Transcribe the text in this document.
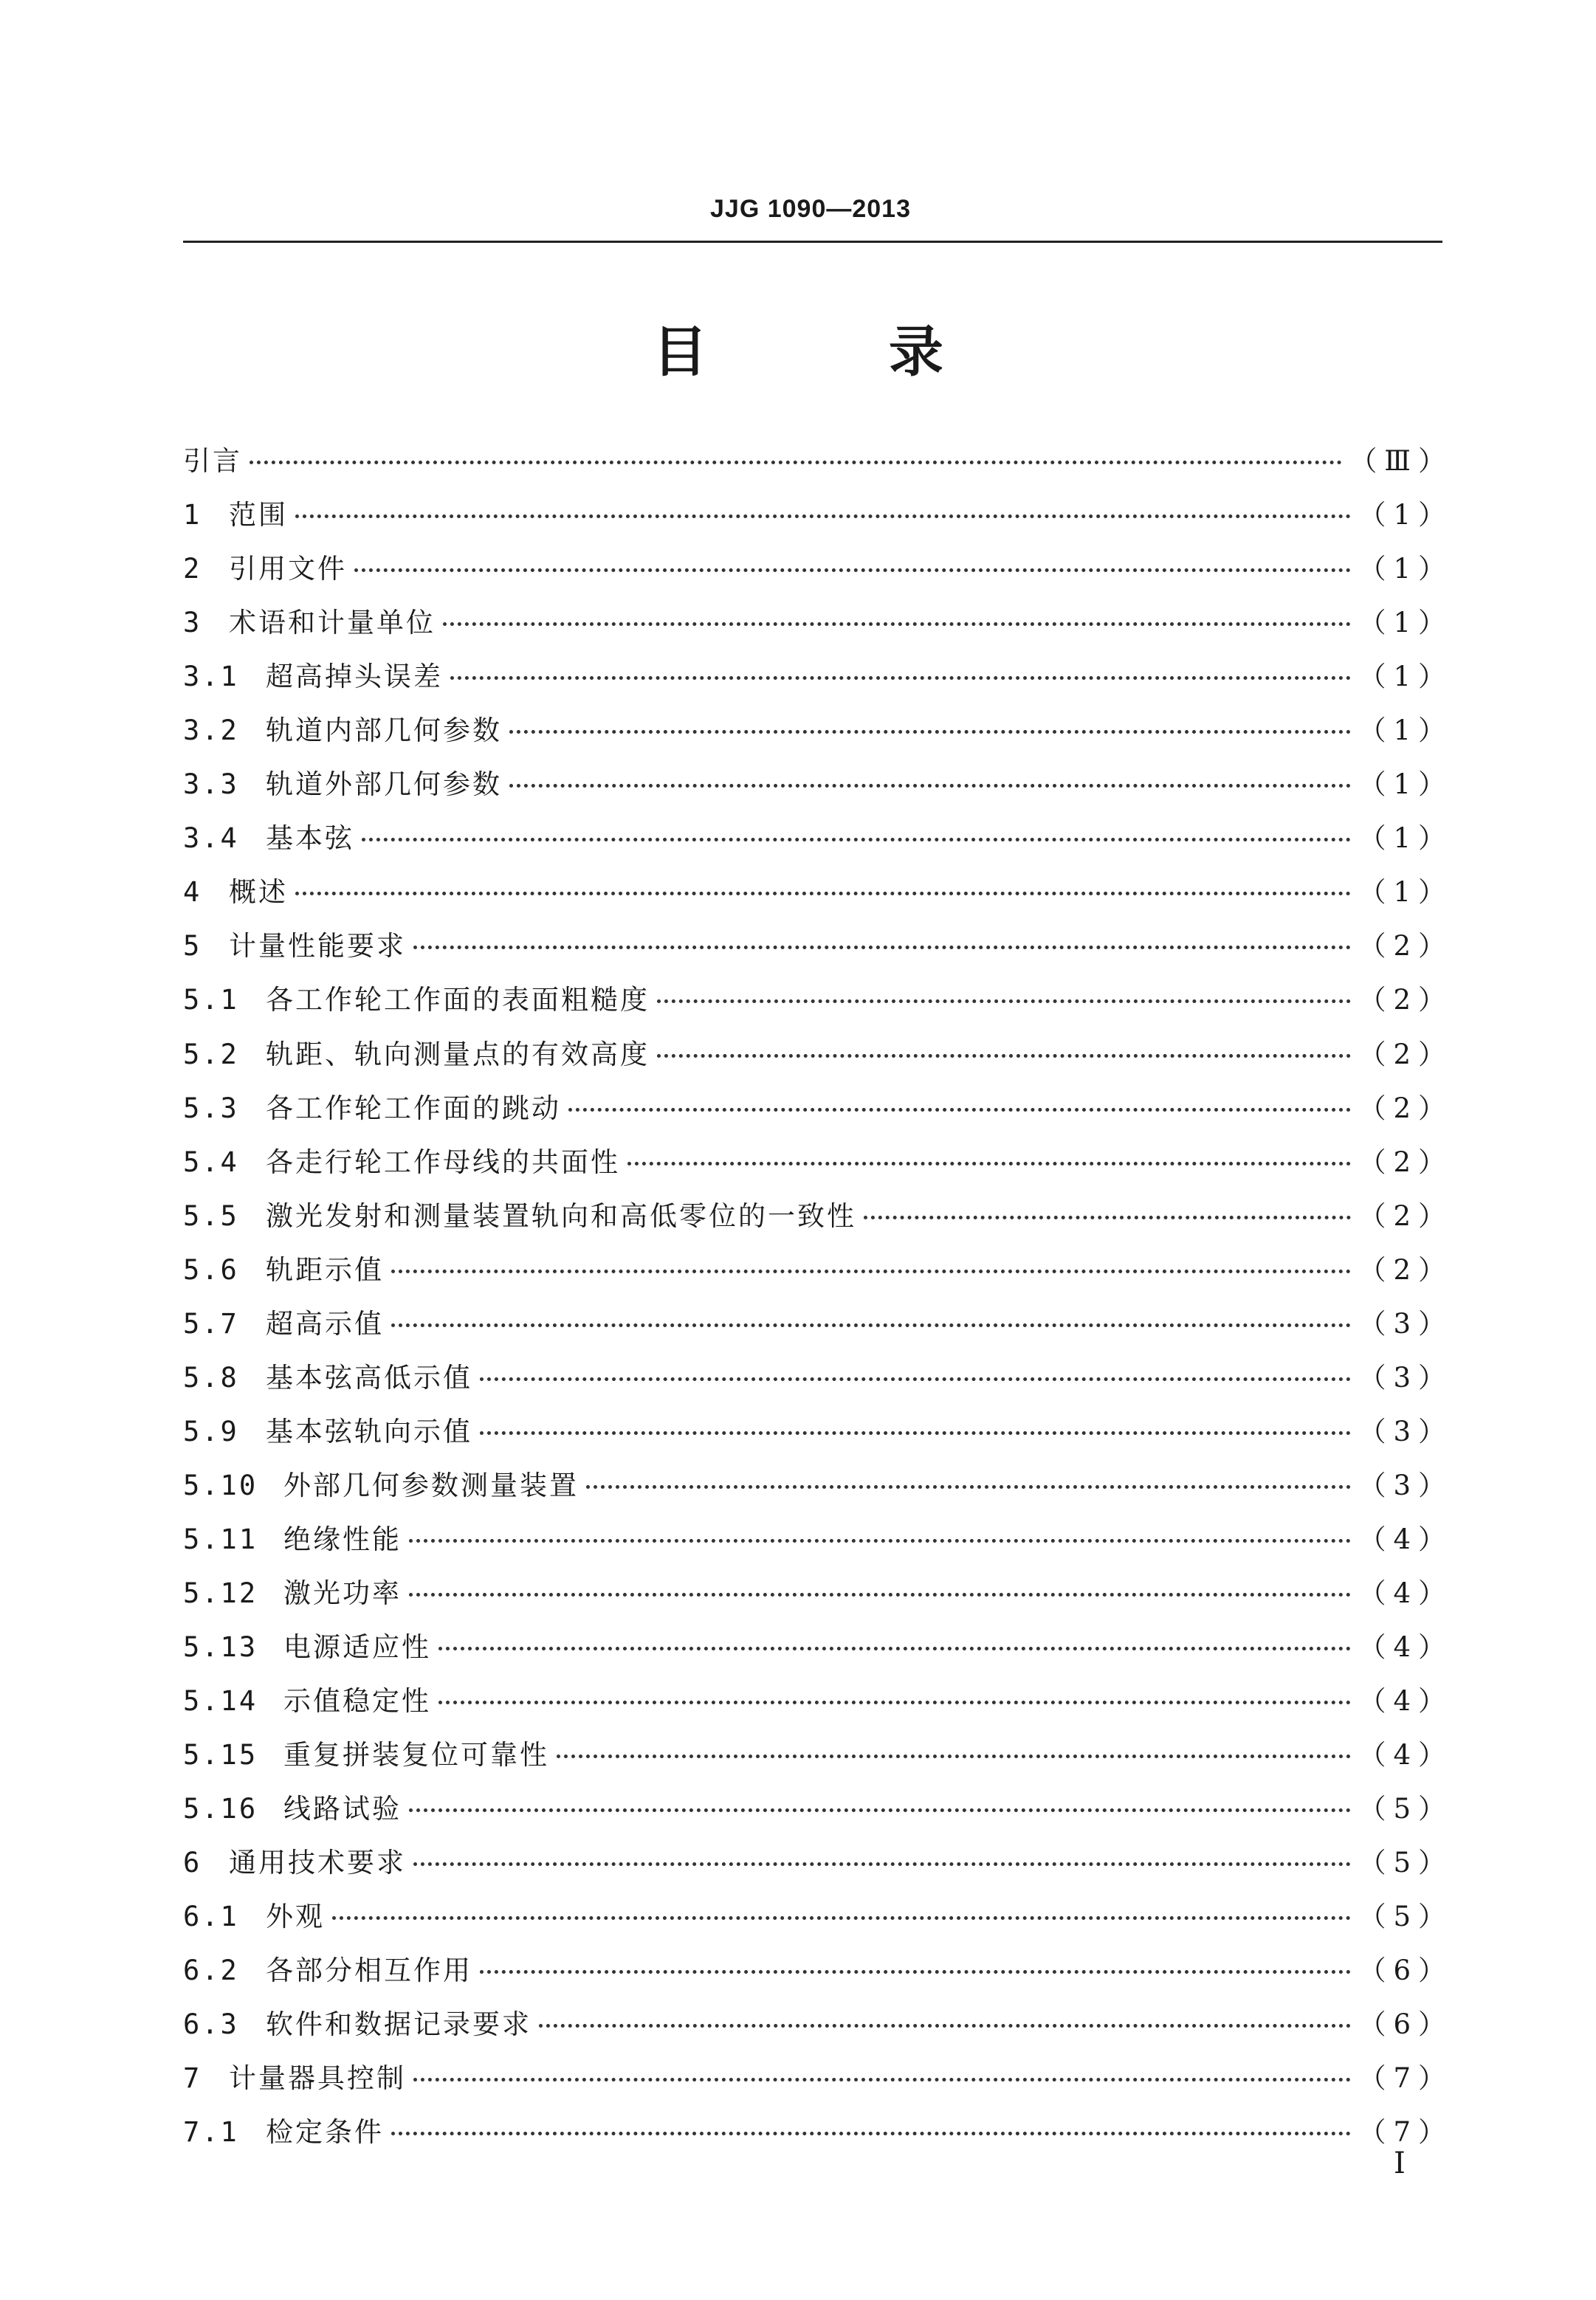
JJG 1090—2013
目 录
引言	（Ⅲ）
1 范围	（1）
2 引用文件	（1）
3 术语和计量单位	（1）
3.1 超高掉头误差	（1）
3.2 轨道内部几何参数	（1）
3.3 轨道外部几何参数	（1）
3.4 基本弦	（1）
4 概述	（1）
5 计量性能要求	（2）
5.1 各工作轮工作面的表面粗糙度	（2）
5.2 轨距、轨向测量点的有效高度	（2）
5.3 各工作轮工作面的跳动	（2）
5.4 各走行轮工作母线的共面性	（2）
5.5 激光发射和测量装置轨向和高低零位的一致性	（2）
5.6 轨距示值	（2）
5.7 超高示值	（3）
5.8 基本弦高低示值	（3）
5.9 基本弦轨向示值	（3）
5.10 外部几何参数测量装置	（3）
5.11 绝缘性能	（4）
5.12 激光功率	（4）
5.13 电源适应性	（4）
5.14 示值稳定性	（4）
5.15 重复拼装复位可靠性	（4）
5.16 线路试验	（5）
6 通用技术要求	（5）
6.1 外观	（5）
6.2 各部分相互作用	（6）
6.3 软件和数据记录要求	（6）
7 计量器具控制	（7）
7.1 检定条件	（7）
I
